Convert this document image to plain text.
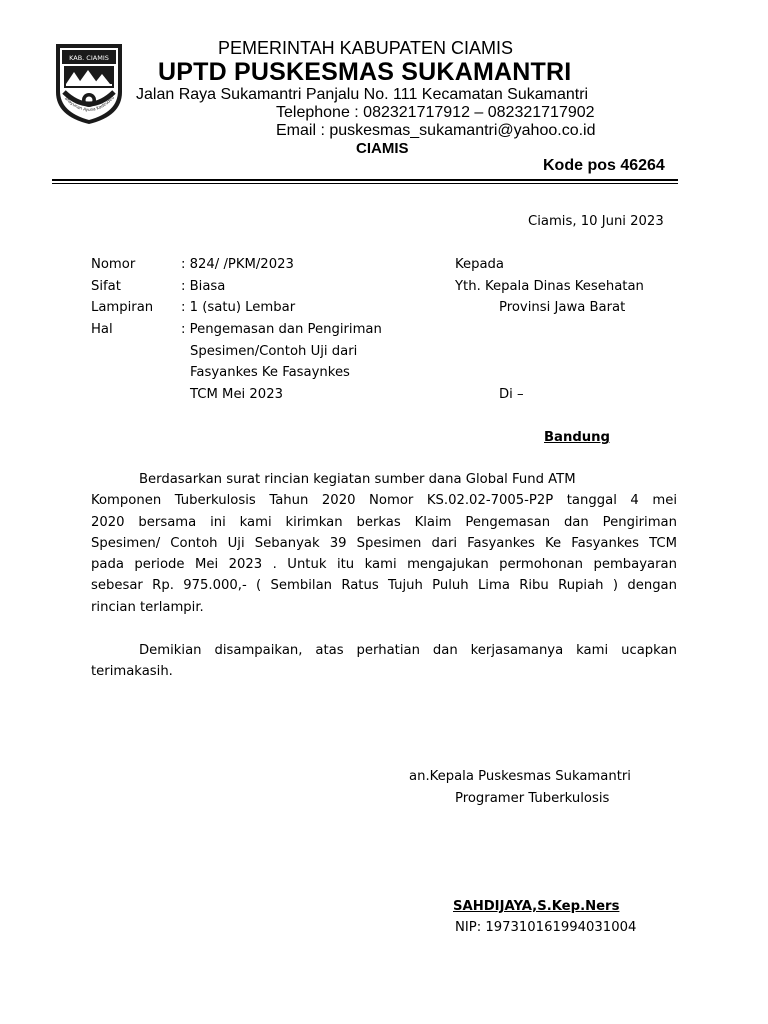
KAB. CIAMIS
ahayunan Ayuna Kadeudeu
PEMERINTAH KABUPATEN CIAMIS
UPTD PUSKESMAS SUKAMANTRI
Jalan Raya Sukamantri Panjalu No. 111 Kecamatan Sukamantri
Telephone : 082321717912 – 082321717902
Email : puskesmas_sukamantri@yahoo.co.id
CIAMIS
Kode pos 46264
Ciamis, 10 Juni 2023
Nomor	: 824/ /PKM/2023
Sifat	: Biasa
Lampiran : 1 (satu) Lembar
Hal	: Pengemasan dan Pengiriman
Spesimen/Contoh Uji dari
Fasyankes Ke Fasaynkes
TCM Mei 2023
Kepada
Yth. Kepala Dinas Kesehatan
Provinsi Jawa Barat
Di –
Bandung
Berdasarkan surat rincian kegiatan sumber dana Global Fund ATM
Komponen Tuberkulosis Tahun 2020 Nomor KS.02.02-7005-P2P tanggal 4 mei
2020 bersama ini kami kirimkan berkas Klaim Pengemasan dan Pengiriman
Spesimen/ Contoh Uji Sebanyak 39 Spesimen dari Fasyankes Ke Fasyankes TCM
pada periode Mei 2023 . Untuk itu kami mengajukan permohonan pembayaran
sebesar Rp. 975.000,- ( Sembilan Ratus Tujuh Puluh Lima Ribu Rupiah ) dengan
rincian terlampir.
Demikian disampaikan, atas perhatian dan kerjasamanya kami ucapkan
terimakasih.
an.Kepala Puskesmas Sukamantri
Programer Tuberkulosis
SAHDIJAYA,S.Kep.Ners
NIP: 197310161994031004
